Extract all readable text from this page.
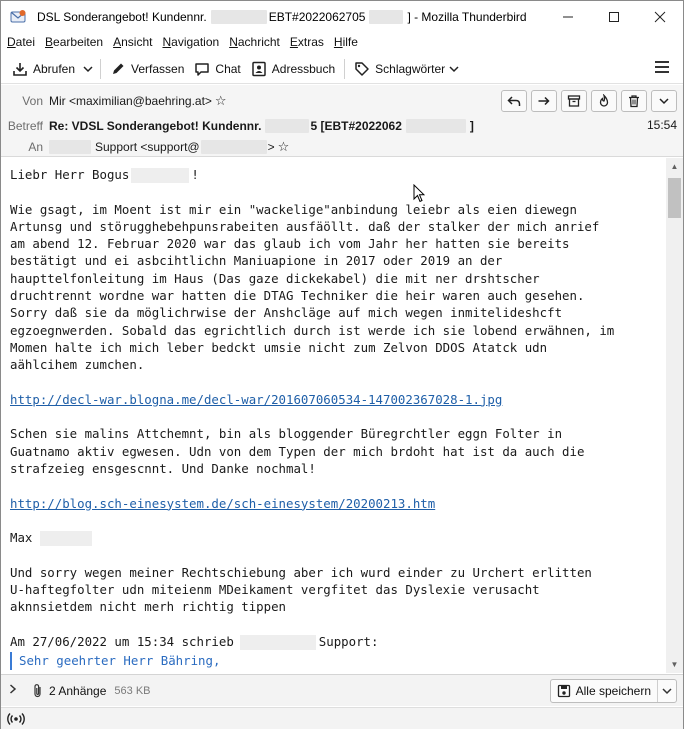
DSL Sonderangebot! Kundennr.	EBT#2022062705	] - Mozilla Thunderbird
Datei Bearbeiten Ansicht Navigation Nachricht Extras Hilfe
Abrufen	Verfassen	Chat	Adressbuch	Schlagwörter
Von Mir <maximilian@baehring.at> ☆
Betreff Re: VDSL Sonderangebot! Kundennr.	5 [EBT#2022062	]
An	Support <support@	> ☆
15:54
Liebr Herr Bogus	!
Wie gsagt, im Moent ist mir ein "wackelige"anbindung leiebr als eien diewegn
Artunsg und störugghebehpunsrabeiten ausfäöllt. daß der stalker der mich anrief
am abend 12. Februar 2020 war das glaub ich vom Jahr her hatten sie bereits
bestätigt und ei asbcihtlichn Maniuapione in 2017 oder 2019 an der
haupttelfonleitung im Haus (Das gaze dickekabel) die mit ner drshtscher
druchtrennt wordne war hatten die DTAG Techniker die heir waren auch gesehen.
Sorry daß sie da möglichrwise der Anshcläge auf mich wegen inmitelideshcft
egzoegnwerden. Sobald das egrichtlich durch ist werde ich sie lobend erwähnen, im
Momen halte ich mich leber bedckt umsie nicht zum Zelvon DDOS Atatck udn
aählcihem zumchen.
http://decl-war.blogna.me/decl-war/201607060534-147002367028-1.jpg
Schen sie malins Attchemnt, bin als bloggender Büregrchtler eggn Folter in
Guatnamo aktiv egwesen. Udn von dem Typen der mich brdoht hat ist da auch die
strafzeieg ensgescnnt. Und Danke nochmal!
http://blog.sch-einesystem.de/sch-einesystem/20200213.htm
Max
Und sorry wegen meiner Rechtschiebung aber ich wurd einder zu Urchert erlitten
U-haftegfolter udn miteienm MDeikament vergfitet das Dyslexie verusacht
aknnsietdem nicht merh richtig tippen
Am 27/06/2022 um 15:34 schrieb	Support:
Sehr geehrter Herr Bähring,
▲
▼
2 Anhänge 563 KB	Alle speichern
